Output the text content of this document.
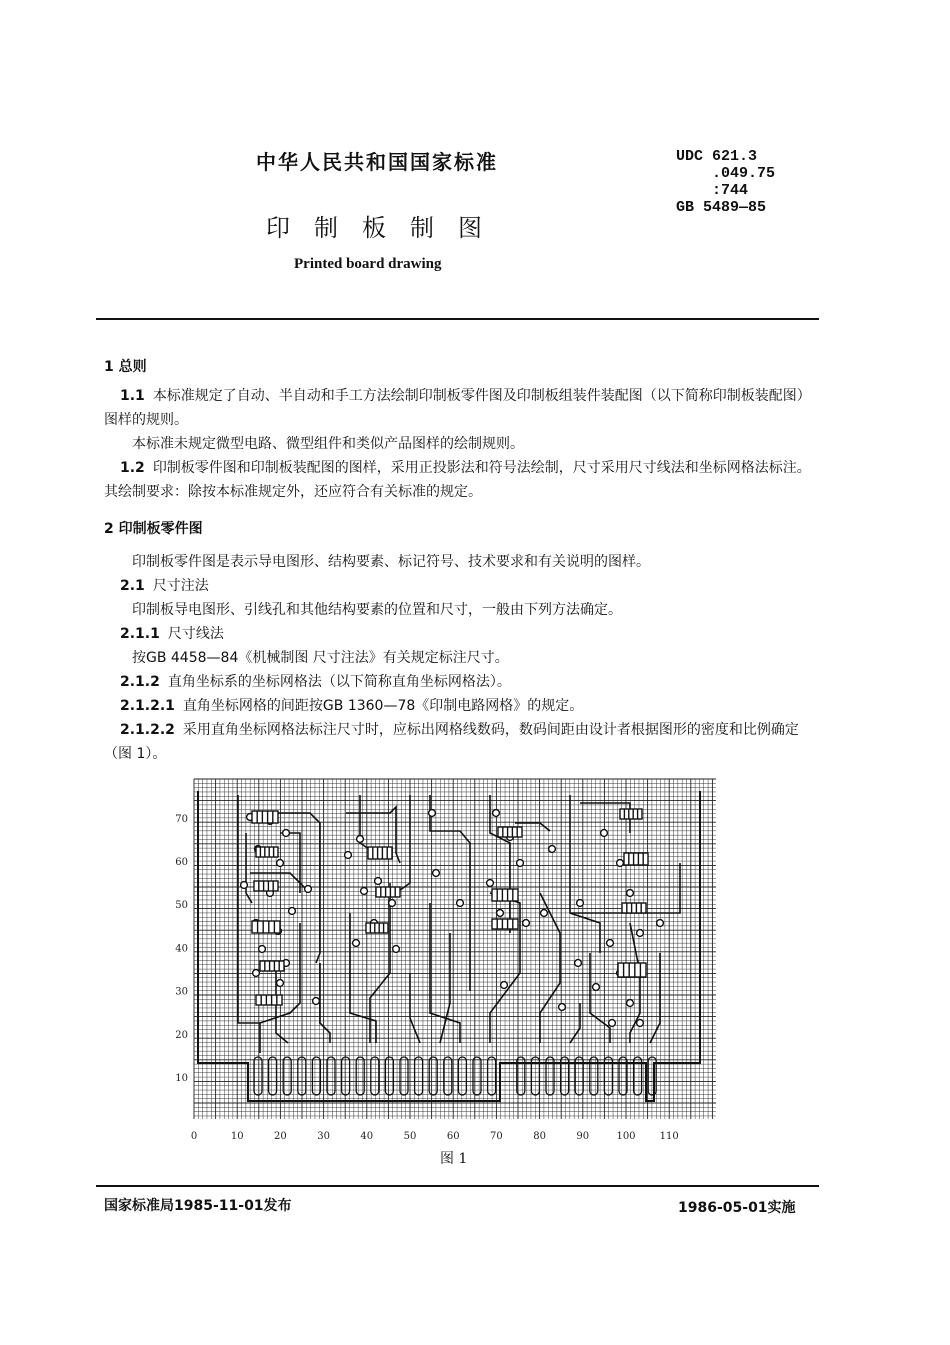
中华人民共和国国家标准	UDC 621.3
.049.75
:744
GB 5489—85
印制板制图
Printed board drawing
1 总则
1.1 本标准规定了自动、半自动和手工方法绘制印制板零件图及印制板组装件装配图（以下简称印制板装配图）图样的规则。
本标准未规定微型电路、微型组件和类似产品图样的绘制规则。
1.2 印制板零件图和印制板装配图的图样，采用正投影法和符号法绘制，尺寸采用尺寸线法和坐标网格法标注。其绘制要求：除按本标准规定外，还应符合有关标准的规定。
2 印制板零件图
印制板零件图是表示导电图形、结构要素、标记符号、技术要求和有关说明的图样。
2.1 尺寸注法
印制板导电图形、引线孔和其他结构要素的位置和尺寸，一般由下列方法确定。
2.1.1 尺寸线法
按GB 4458—84《机械制图 尺寸注法》有关规定标注尺寸。
2.1.2 直角坐标系的坐标网格法（以下简称直角坐标网格法）。
2.1.2.1 直角坐标网格的间距按GB 1360—78《印制电路网格》的规定。
2.1.2.2 采用直角坐标网格法标注尺寸时，应标出网格线数码，数码间距由设计者根据图形的密度和比例确定（图 1）。
0	10	20	30	40	50	60	70	80	90	100 110
70
60
50
40
30
20
10
图 1
国家标准局1985-11-01发布	1986-05-01实施
